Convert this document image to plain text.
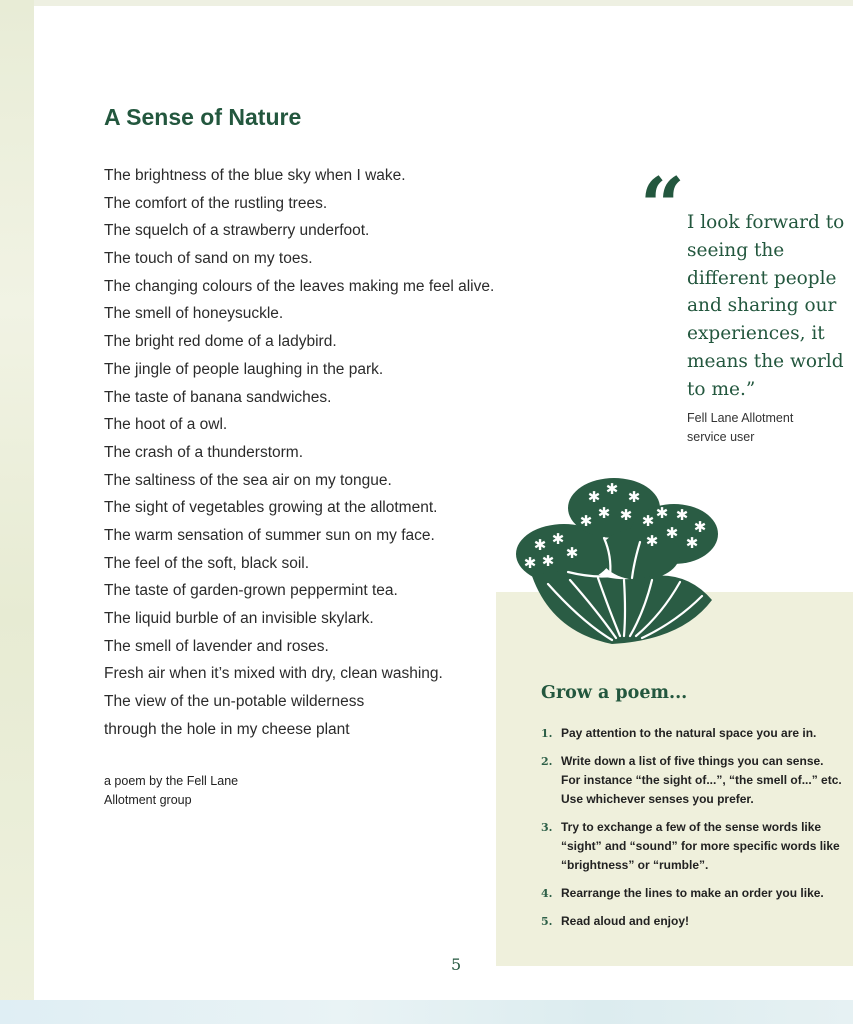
A Sense of Nature
The brightness of the blue sky when I wake.
The comfort of the rustling trees.
The squelch of a strawberry underfoot.
The touch of sand on my toes.
The changing colours of the leaves making me feel alive.
The smell of honeysuckle.
The bright red dome of a ladybird.
The jingle of people laughing in the park.
The taste of banana sandwiches.
The hoot of a owl.
The crash of a thunderstorm.
The saltiness of the sea air on my tongue.
The sight of vegetables growing at the allotment.
The warm sensation of summer sun on my face.
The feel of the soft, black soil.
The taste of garden-grown peppermint tea.
The liquid burble of an invisible skylark.
The smell of lavender and roses.
Fresh air when it’s mixed with dry, clean washing.
The view of the un-potable wilderness
through the hole in my cheese plant
a poem by the Fell Lane
Allotment group
“ I look forward to seeing the different people and sharing our experiences, it means the world to me.”

Fell Lane Allotment
service user
✱ ✱ ✱
✱ ✱
✱	✱ ✱ ✱
✱
✱
✱
✱ ✱
✱
✱
✱
✱
Grow a poem...
1. Pay attention to the natural space you are in.
2. Write down a list of five things you can sense.
For instance “the sight of...”, “the smell of...” etc.
Use whichever senses you prefer.
3. Try to exchange a few of the sense words like
“sight” and “sound” for more specific words like
“brightness” or “rumble”.
4. Rearrange the lines to make an order you like.
5. Read aloud and enjoy!
5
